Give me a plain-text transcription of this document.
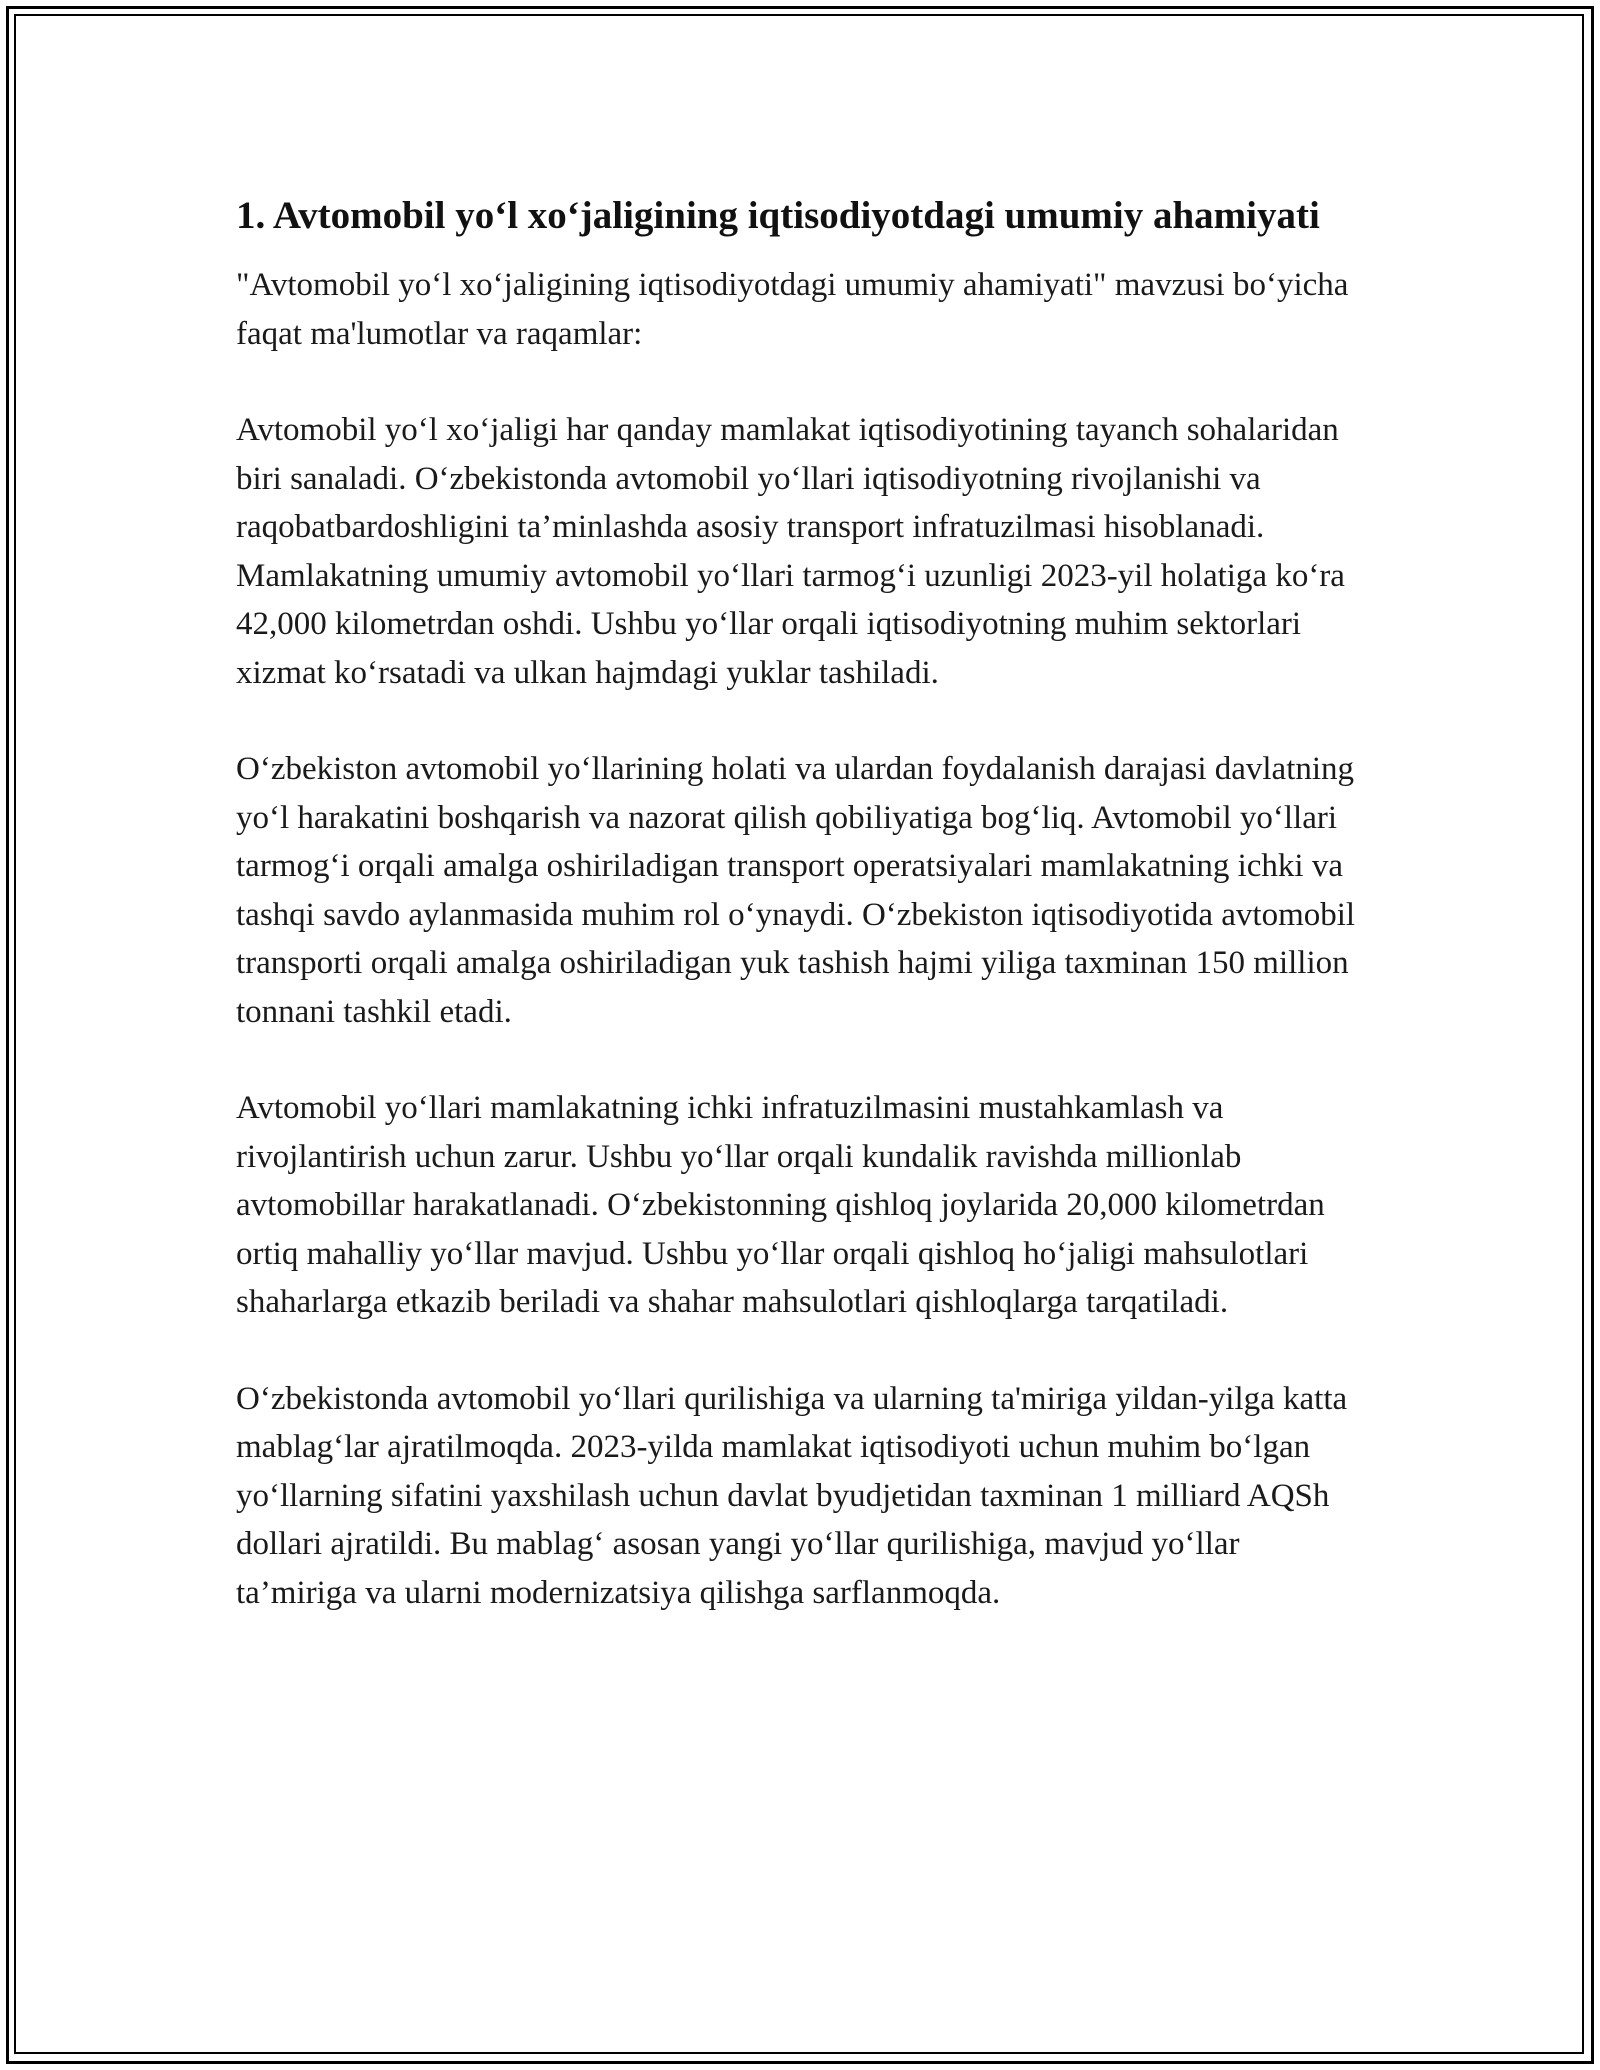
1. Avtomobil yo‘l xo‘jaligining iqtisodiyotdagi umumiy ahamiyati

"Avtomobil yo‘l xo‘jaligining iqtisodiyotdagi umumiy ahamiyati" mavzusi bo‘yicha faqat ma'lumotlar va raqamlar:

Avtomobil yo‘l xo‘jaligi har qanday mamlakat iqtisodiyotining tayanch sohalaridan biri sanaladi. O‘zbekistonda avtomobil yo‘llari iqtisodiyotning rivojlanishi va raqobatbardoshligini ta’minlashda asosiy transport infratuzilmasi hisoblanadi. Mamlakatning umumiy avtomobil yo‘llari tarmog‘i uzunligi 2023-yil holatiga ko‘ra 42,000 kilometrdan oshdi. Ushbu yo‘llar orqali iqtisodiyotning muhim sektorlari xizmat ko‘rsatadi va ulkan hajmdagi yuklar tashiladi.

O‘zbekiston avtomobil yo‘llarining holati va ulardan foydalanish darajasi davlatning yo‘l harakatini boshqarish va nazorat qilish qobiliyatiga bog‘liq. Avtomobil yo‘llari tarmog‘i orqali amalga oshiriladigan transport operatsiyalari mamlakatning ichki va tashqi savdo aylanmasida muhim rol o‘ynaydi. O‘zbekiston iqtisodiyotida avtomobil transporti orqali amalga oshiriladigan yuk tashish hajmi yiliga taxminan 150 million tonnani tashkil etadi.

Avtomobil yo‘llari mamlakatning ichki infratuzilmasini mustahkamlash va rivojlantirish uchun zarur. Ushbu yo‘llar orqali kundalik ravishda millionlab avtomobillar harakatlanadi. O‘zbekistonning qishloq joylarida 20,000 kilometrdan ortiq mahalliy yo‘llar mavjud. Ushbu yo‘llar orqali qishloq ho‘jaligi mahsulotlari shaharlarga etkazib beriladi va shahar mahsulotlari qishloqlarga tarqatiladi.

O‘zbekistonda avtomobil yo‘llari qurilishiga va ularning ta'miriga yildan-yilga katta mablag‘lar ajratilmoqda. 2023-yilda mamlakat iqtisodiyoti uchun muhim bo‘lgan yo‘llarning sifatini yaxshilash uchun davlat byudjetidan taxminan 1 milliard AQSh dollari ajratildi. Bu mablag‘ asosan yangi yo‘llar qurilishiga, mavjud yo‘llar ta’miriga va ularni modernizatsiya qilishga sarflanmoqda.
